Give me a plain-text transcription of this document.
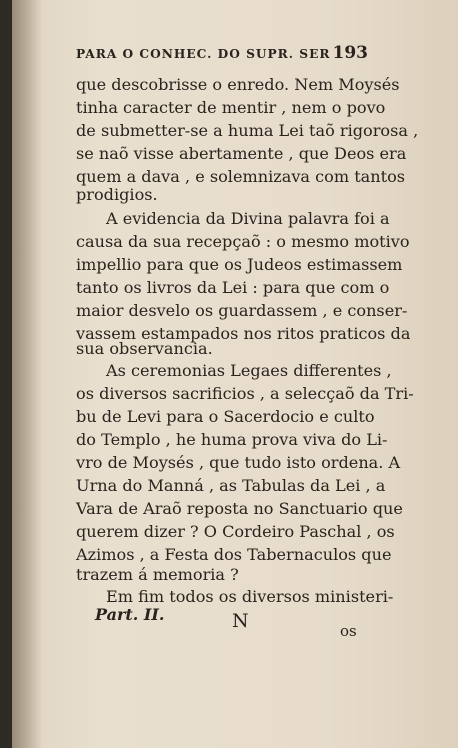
PARA O CONHEC. DO SUPR. SER 193
que descobrisse o enredo. Nem Moysés
tinha caracter de mentir , nem o povo
de submetter-se a huma Lei taõ rigorosa ,
se naõ visse abertamente , que Deos era
quem a dava , e solemnizava com tantos
prodigios.
A evidencia da Divina palavra foi a
causa da sua recepçaõ : o mesmo motivo
impellio para que os Judeos estimassem
tanto os livros da Lei : para que com o
maior desvelo os guardassem , e conser-
vassem estampados nos ritos praticos da
sua observancia.
As ceremonias Legaes differentes ,
os diversos sacrificios , a selecçaõ da Tri-
bu de Levi para o Sacerdocio e culto
do Templo , he huma prova viva do Li-
vro de Moysés , que tudo isto ordena. A
Urna do Manná , as Tabulas da Lei , a
Vara de Araõ reposta no Sanctuario que
querem dizer ? O Cordeiro Paschal , os
Azimos , a Festa dos Tabernaculos que
trazem á memoria ?
Em fim todos os diversos ministeri-
Part. II.	N	os
